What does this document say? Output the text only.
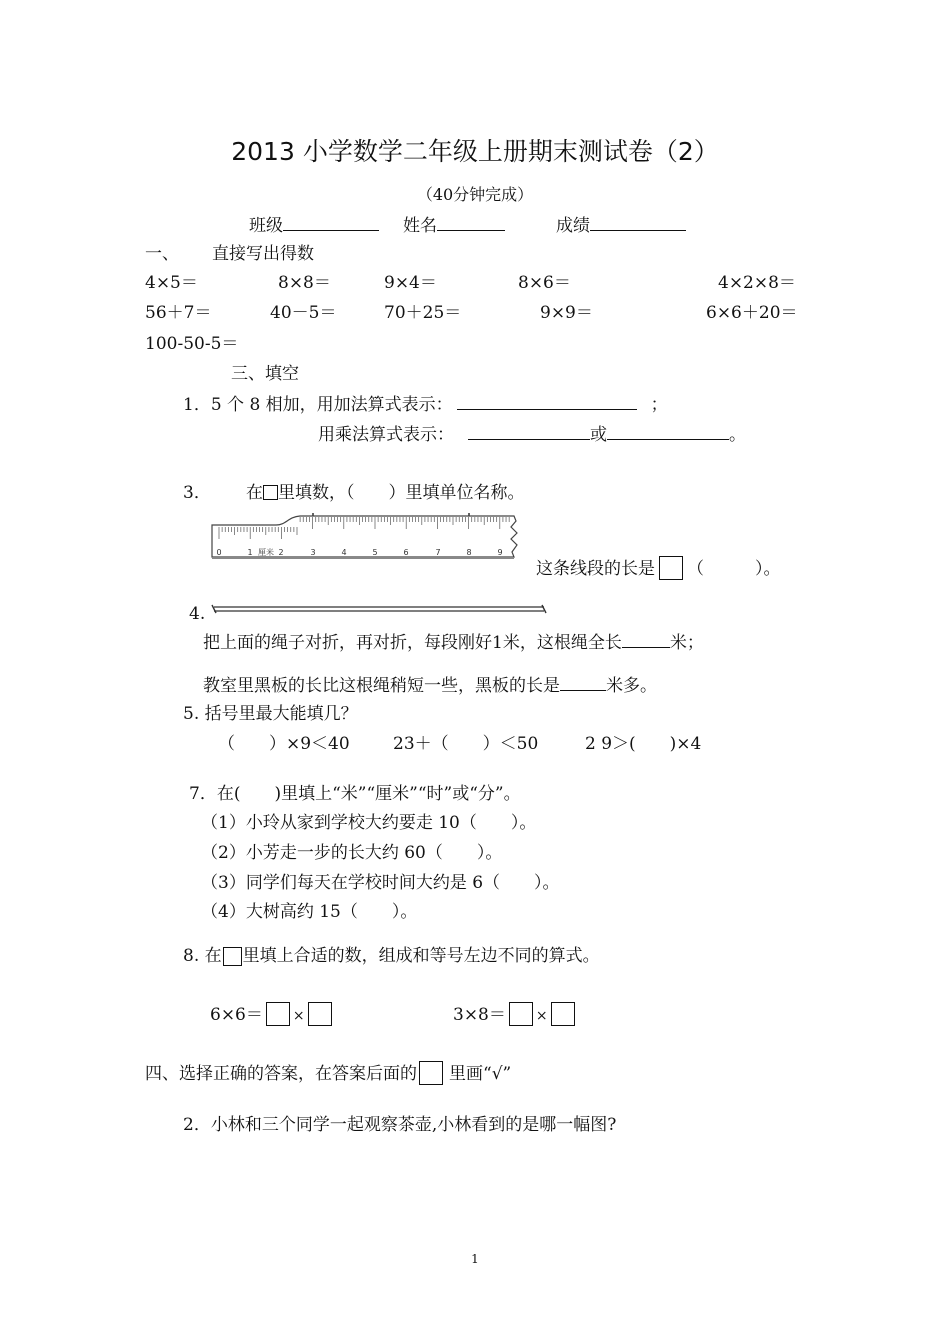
2013 小学数学二年级上册期末测试卷（2）
（40分钟完成）
班级	姓名	成绩
一、 直接写出得数
4×5＝	8×8＝	9×4＝	8×6＝	4×2×8＝
56＋7＝	40－5＝	70＋25＝	9×9＝	6×6＋20＝
100-50-5＝
三、填空
1．5 个 8 相加，用加法算式表示：	；
用乘法算式表示：	或	。
3． 在 里填数，（　　）里填单位名称。
0	1 厘米 2	3	4	5	6	7	8	9
这条线段的长是 （　　　）。
4.
把上面的绳子对折，再对折，每段刚好1米，这根绳全长	米；
教室里黑板的长比这根绳稍短一些，黑板的长是	米多。
5. 括号里最大能填几？
（　　）×9＜40	23＋（　　）＜50	2 9＞(　　)×4
7．在(　　)里填上“米”“厘米”“时”或“分”。
（1）小玲从家到学校大约要走 10（　　）。
（2）小芳走一步的长大约 60（　　）。
（3）同学们每天在学校时间大约是 6（　　）。
（4）大树高约 15（　　）。
8. 在 里填上合适的数，组成和等号左边不同的算式。
6×6＝ ×	3×8＝ ×
四、选择正确的答案，在答案后面的 里画“√”
2．小林和三个同学一起观察茶壶,小林看到的是哪一幅图?
1
